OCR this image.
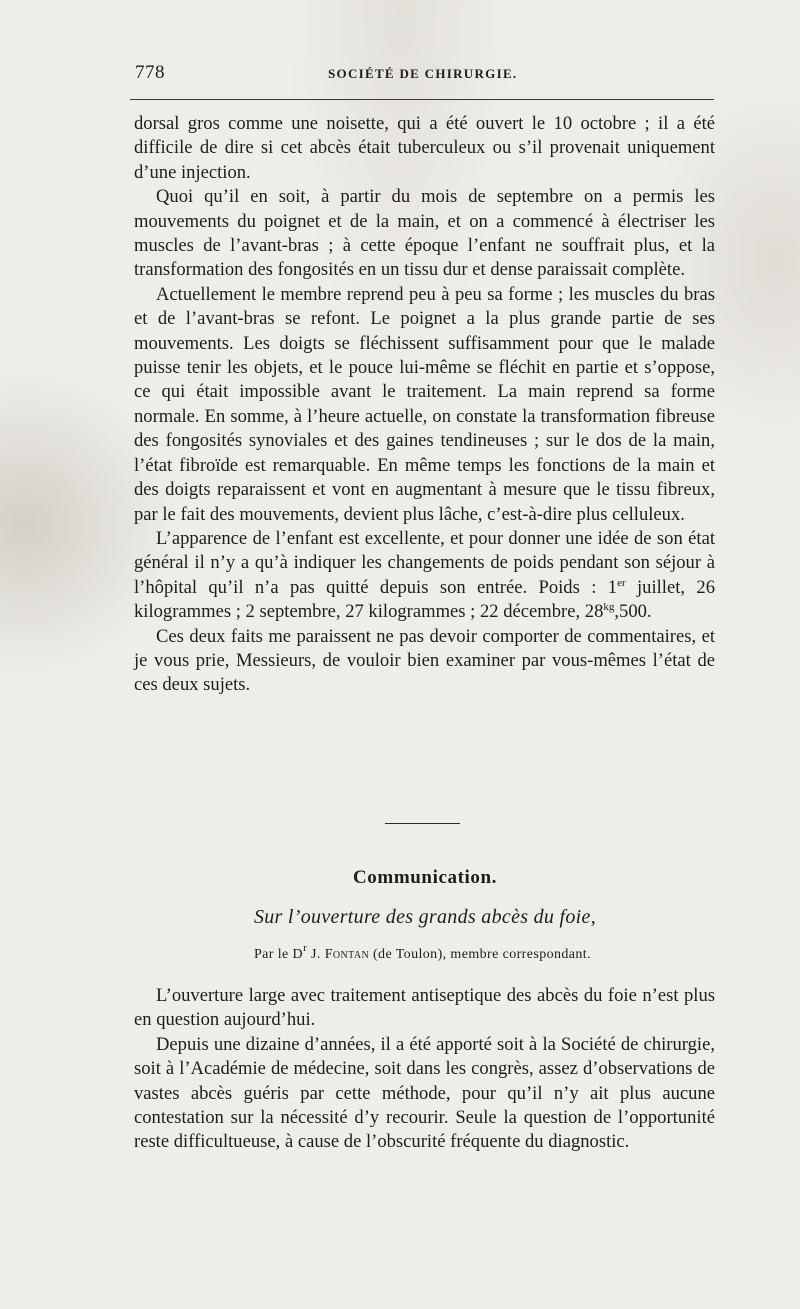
778	SOCIÉTÉ DE CHIRURGIE.

dorsal gros comme une noisette, qui a été ouvert le 10 octobre ; il a été difficile de dire si cet abcès était tuberculeux ou s’il provenait uniquement d’une injection.

Quoi qu’il en soit, à partir du mois de septembre on a permis les mouvements du poignet et de la main, et on a commencé à électriser les muscles de l’avant-bras ; à cette époque l’enfant ne souffrait plus, et la transformation des fongosités en un tissu dur et dense paraissait complète.

Actuellement le membre reprend peu à peu sa forme ; les muscles du bras et de l’avant-bras se refont. Le poignet a la plus grande partie de ses mouvements. Les doigts se fléchissent suffisamment pour que le malade puisse tenir les objets, et le pouce lui-même se fléchit en partie et s’oppose, ce qui était impossible avant le traitement. La main reprend sa forme normale. En somme, à l’heure actuelle, on constate la transformation fibreuse des fongosités synoviales et des gaines tendineuses ; sur le dos de la main, l’état fibroïde est remarquable. En même temps les fonctions de la main et des doigts reparaissent et vont en augmentant à mesure que le tissu fibreux, par le fait des mouvements, devient plus lâche, c’est-à-dire plus celluleux.

L’apparence de l’enfant est excellente, et pour donner une idée de son état général il n’y a qu’à indiquer les changements de poids pendant son séjour à l’hôpital qu’il n’a pas quitté depuis son entrée. Poids : 1er juillet, 26 kilogrammes ; 2 septembre, 27 kilogrammes ; 22 décembre, $28^{kg},500$.

Ces deux faits me paraissent ne pas devoir comporter de commentaires, et je vous prie, Messieurs, de vouloir bien examiner par vous-mêmes l’état de ces deux sujets.

Communication.
Sur l’ouverture des grands abcès du foie,
Par le $D^r$ J. Fontan (de Toulon), membre correspondant.

L’ouverture large avec traitement antiseptique des abcès du foie n’est plus en question aujourd’hui.

Depuis une dizaine d’années, il a été apporté soit à la Société de chirurgie, soit à l’Académie de médecine, soit dans les congrès, assez d’observations de vastes abcès guéris par cette méthode, pour qu’il n’y ait plus aucune contestation sur la nécessité d’y recourir. Seule la question de l’opportunité reste difficultueuse, à cause de l’obscurité fréquente du diagnostic.
